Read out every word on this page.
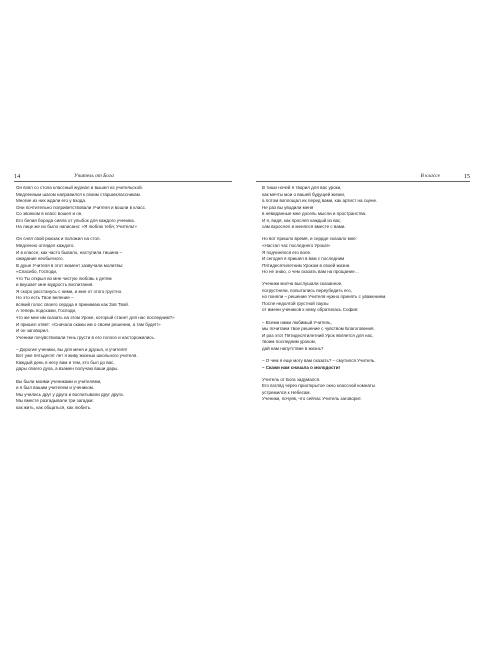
14	Учитель от Бога
Он взял со стола классный журнал и вышел из учительской.
Медленным шагом направился к своим старшеклассникам.
Многие из них ждали его у входа.
Они почтительно поприветствовали Учителя и вошли в класс.
Со звонком в класс вошел и он.
Его белая борода сияла от улыбок для каждого ученика.
На лице же их было написано: «Я люблю тебя, Учитель!»
Он снял свой рюкзак и положил на стол.
Медленно оглядел каждого.
И в классе, как часто бывало, наступила тишина –
ожидание необычного.
В душе Учителя в этот момент зазвучали молитвы:
«Спасибо, Господи,
что Ты открыл во мне чистую любовь к детям
и вкушает мне мудрость воспитания.
Я скоро расстанусь с ними, и мне от этого грустно.
Но это есть Твое веление –
всякий голос своего сердца я принимаю как Зов Твой.
А теперь подскажи, Господи,
что же мне им сказать на этом Уроке, который станет для нас последним?»
И пришел ответ: «Сначала скажи им о своем решении, а там будет!»
И он заговорил.
Ученики почувствовали тень грусти в его голосе и насторожились.
– Дорогие ученики, вы для меня и друзья, и учителя!
Вот уже пятьдесят лет я живу жизнью школьного учителя.
Каждый день я несу вам и тем, кто был до вас,
дары своего духа, а взамен получаю ваши дары.
Вы были моими учениками и учителями,
и я был вашим учителем и учеником.
Мы учились друг у друга и воспитывали друг друга.
Мы вместе разгадывали три загадки:
как жить, как общаться, как любить.
В классе	15
В тиши ночей я творил для вас уроки,
как мечты мои о вашей будущей жизни,
а потом воплощал их перед вами, как артист на сцене.
Не раз вы уводили меня
в невиданные мне досель мысли и пространства.
И я, видя, как прослеп каждый из вас,
сам взрослел и менялся вместе с вами.
Но вот пришло время, и сердце сказало мне:
«Настал час последнего Урока!»
Я подчинялся его воле.
И сегодня я пришел в вам с последним
Пятидесятилетним Уроком в своей жизни.
Но не знаю, о чем сказать вам на прощание…
Ученики молча выслушали сказанное,
погрустнели, попытались переубедить его,
но поняли – решение Учителя нужно принять с уважением.
После недолгой грустной паузы
от имени учеников к нему обратилась София:
– Всеми нами любимый Учитель,
мы почитаем твое решение с чувством Благоговения.
И раз этот Пятидесятилетний Урок является для нас,
твоим последним уроком,
дай нам напутствие в жизнь?
– О чем я еще могу вам сказать? – смутился Учитель.
– Скажи нам сначала о молодости!
Учитель от Бога задумался.
Его взгляд через приоткрытое окно классной комнаты
устремился к Небесам.
Ученики, почуяв, что сейчас Учитель заговорит.
